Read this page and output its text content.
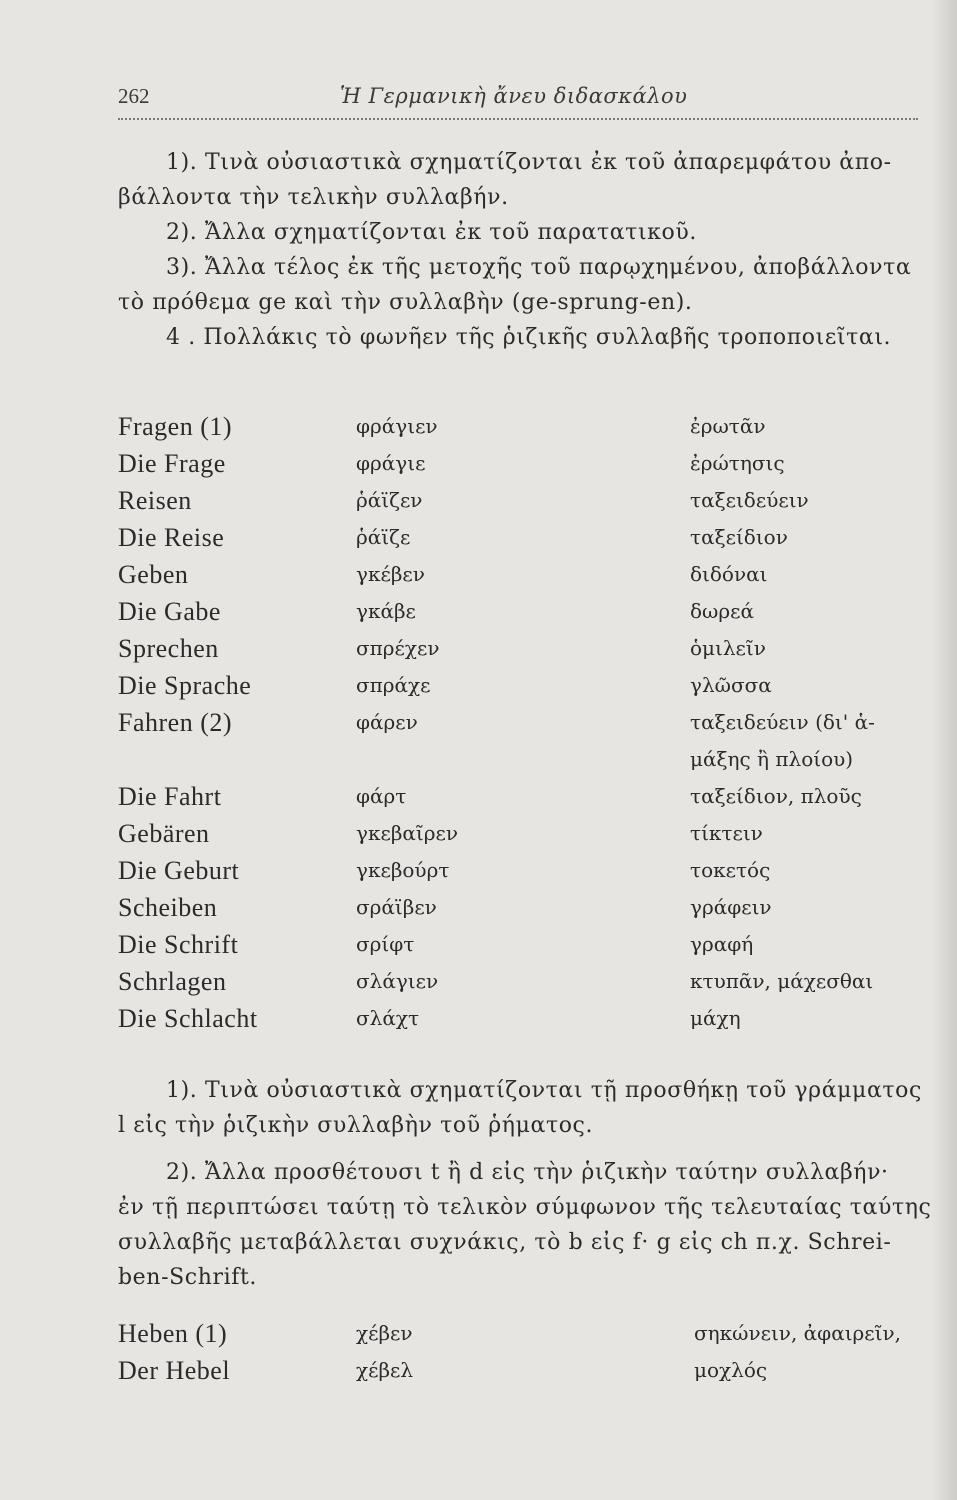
262	Ἡ Γερμανικὴ ἄνευ διδασκάλου
1). Τινὰ οὐσιαστικὰ σχηματίζονται ἐκ τοῦ ἀπαρεμφάτου ἀπο-
βάλλοντα τὴν τελικὴν συλλαβήν.
2). Ἄλλα σχηματίζονται ἐκ τοῦ παρατατικοῦ.
3). Ἄλλα τέλος ἐκ τῆς μετοχῆς τοῦ παρῳχημένου, ἀποβάλλοντα
τὸ πρόθεμα ge καὶ τὴν συλλαβὴν (ge-sprung-en).
4 . Πολλάκις τὸ φωνῆεν τῆς ῥιζικῆς συλλαβῆς τροποποιεῖται.
Fragen (1)	φράγιεν	ἐρωτᾶν
Die Frage	φράγιε	ἐρώτησις
Reisen	ῥάϊζεν	ταξειδεύειν
Die Reise	ῥάϊζε	ταξείδιον
Geben	γκέβεν	διδόναι
Die Gabe	γκάβε	δωρεά
Sprechen	σπρέχεν	ὁμιλεῖν
Die Sprache	σπράχε	γλῶσσα
Fahren (2)	φάρεν	ταξειδεύειν (δι' ἁ-μάξης ἢ πλοίου)
Die Fahrt	φάρτ	ταξείδιον, πλοῦς
Gebären	γκεβαῖρεν	τίκτειν
Die Geburt	γκεβούρτ	τοκετός
Scheiben	σράϊβεν	γράφειν
Die Schrift	σρίφτ	γραφή
Schrlagen	σλάγιεν	κτυπᾶν, μάχεσθαι
Die Schlacht	σλάχτ	μάχη
1). Τινὰ οὐσιαστικὰ σχηματίζονται τῇ προσθήκῃ τοῦ γράμματος
l εἰς τὴν ῥιζικὴν συλλαβὴν τοῦ ῥήματος.
2). Ἄλλα προσθέτουσι t ἢ d εἰς τὴν ῥιζικὴν ταύτην συλλαβήν·
ἐν τῇ περιπτώσει ταύτῃ τὸ τελικὸν σύμφωνον τῆς τελευταίας ταύτης
συλλαβῆς μεταβάλλεται συχνάκις, τὸ b εἰς f· g εἰς ch π.χ. Schrei-
ben-Schrift.
Heben (1)	χέβεν	σηκώνειν, ἀφαιρεῖν,
Der Hebel	χέβελ	μοχλός
